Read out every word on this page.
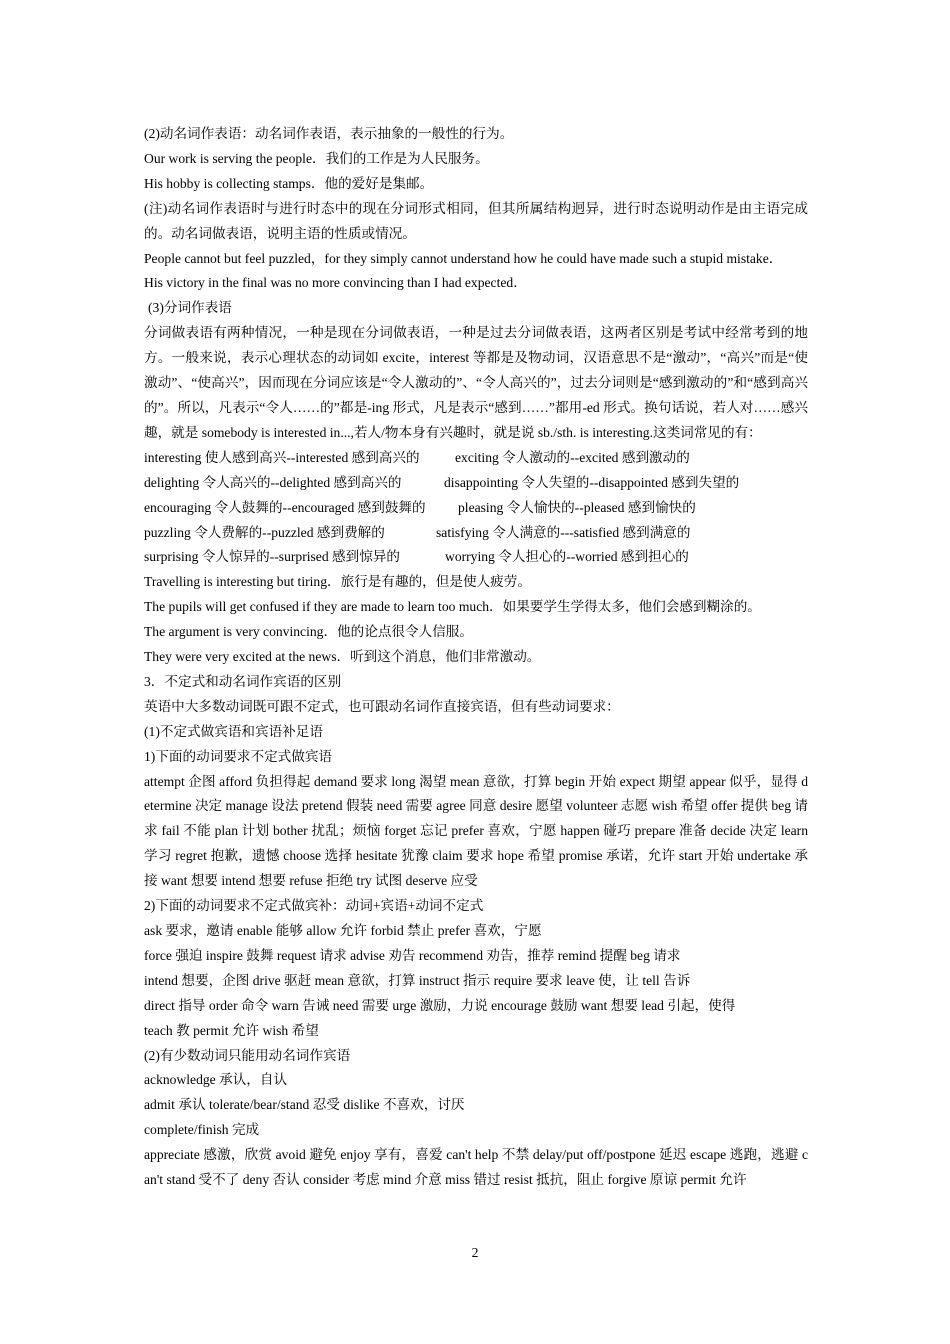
(2)动名词作表语：动名词作表语，表示抽象的一般性的行为。

Our work is serving the people．我们的工作是为人民服务。

His hobby is collecting stamps．他的爱好是集邮。

(注)动名词作表语时与进行时态中的现在分词形式相同，但其所属结构迥异，进行时态说明动作是由主语完成的。动名词做表语，说明主语的性质或情况。

People cannot but feel puzzled，for they simply cannot understand how he could have made such a stupid mistake．

His victory in the final was no more convincing than I had expected．

(3)分词作表语

分词做表语有两种情况，一种是现在分词做表语，一种是过去分词做表语，这两者区别是考试中经常考到的地方。一般来说，表示心理状态的动词如 excite，interest 等都是及物动词，汉语意思不是“激动”，“高兴”而是“使激动”、“使高兴”，因而现在分词应该是“令人激动的”、“令人高兴的”，过去分词则是“感到激动的”和“感到高兴的”。所以，凡表示“令人……的”都是-ing 形式，凡是表示“感到……”都用-ed 形式。换句话说，若人对……感兴趣，就是 somebody is interested in...,若人/物本身有兴趣时，就是说 sb./sth. is interesting.这类词常见的有：

interesting 使人感到高兴--interested 感到高兴的	exciting 令人激动的--excited 感到激动的
delighting 令人高兴的--delighted 感到高兴的	disappointing 令人失望的--disappointed 感到失望的
encouraging 令人鼓舞的--encouraged 感到鼓舞的	pleasing 令人愉快的--pleased 感到愉快的
puzzling 令人费解的--puzzled 感到费解的	satisfying 令人满意的---satisfied 感到满意的
surprising 令人惊异的--surprised 感到惊异的	worrying 令人担心的--worried 感到担心的

Travelling is interesting but tiring．旅行是有趣的，但是使人疲劳。

The pupils will get confused if they are made to learn too much．如果要学生学得太多，他们会感到糊涂的。

The argument is very convincing．他的论点很令人信服。

They were very excited at the news．听到这个消息，他们非常激动。

3．不定式和动名词作宾语的区别

英语中大多数动词既可跟不定式，也可跟动名词作直接宾语，但有些动词要求：

(1)不定式做宾语和宾语补足语

1)下面的动词要求不定式做宾语

attempt 企图 afford 负担得起 demand 要求 long 渴望 mean 意欲，打算 begin 开始 expect 期望 appear 似乎，显得 determine 决定 manage 设法 pretend 假装 need 需要 agree 同意 desire 愿望 volunteer 志愿 wish 希望 offer 提供 beg 请求 fail 不能 plan 计划 bother 扰乱；烦恼 forget 忘记 prefer 喜欢，宁愿 happen 碰巧 prepare 准备 decide 决定 learn 学习 regret 抱歉，遗憾 choose 选择 hesitate 犹豫 claim 要求 hope 希望 promise 承诺，允许 start 开始 undertake 承接 want 想要 intend 想要 refuse 拒绝 try 试图 deserve 应受

2)下面的动词要求不定式做宾补：动词+宾语+动词不定式

ask 要求，邀请 enable 能够 allow 允许 forbid 禁止 prefer 喜欢，宁愿

force 强迫 inspire 鼓舞 request 请求 advise 劝告 recommend 劝告，推荐 remind 提醒 beg 请求

intend 想要，企图 drive 驱赶 mean 意欲，打算 instruct 指示 require 要求 leave 使，让 tell 告诉

direct 指导 order 命令 warn 告诫 need 需要 urge 激励，力说 encourage 鼓励 want 想要 lead 引起，使得

teach 教 permit 允许 wish 希望

(2)有少数动词只能用动名词作宾语

acknowledge 承认，自认

admit 承认 tolerate/bear/stand 忍受 dislike 不喜欢，讨厌

complete/finish 完成

appreciate 感激，欣赏 avoid 避免 enjoy 享有，喜爱 can't help 不禁 delay/put off/postpone 延迟 escape 逃跑，逃避 can't stand 受不了 deny 否认 consider 考虑 mind 介意 miss 错过 resist 抵抗，阻止 forgive 原谅 permit 允许

2
